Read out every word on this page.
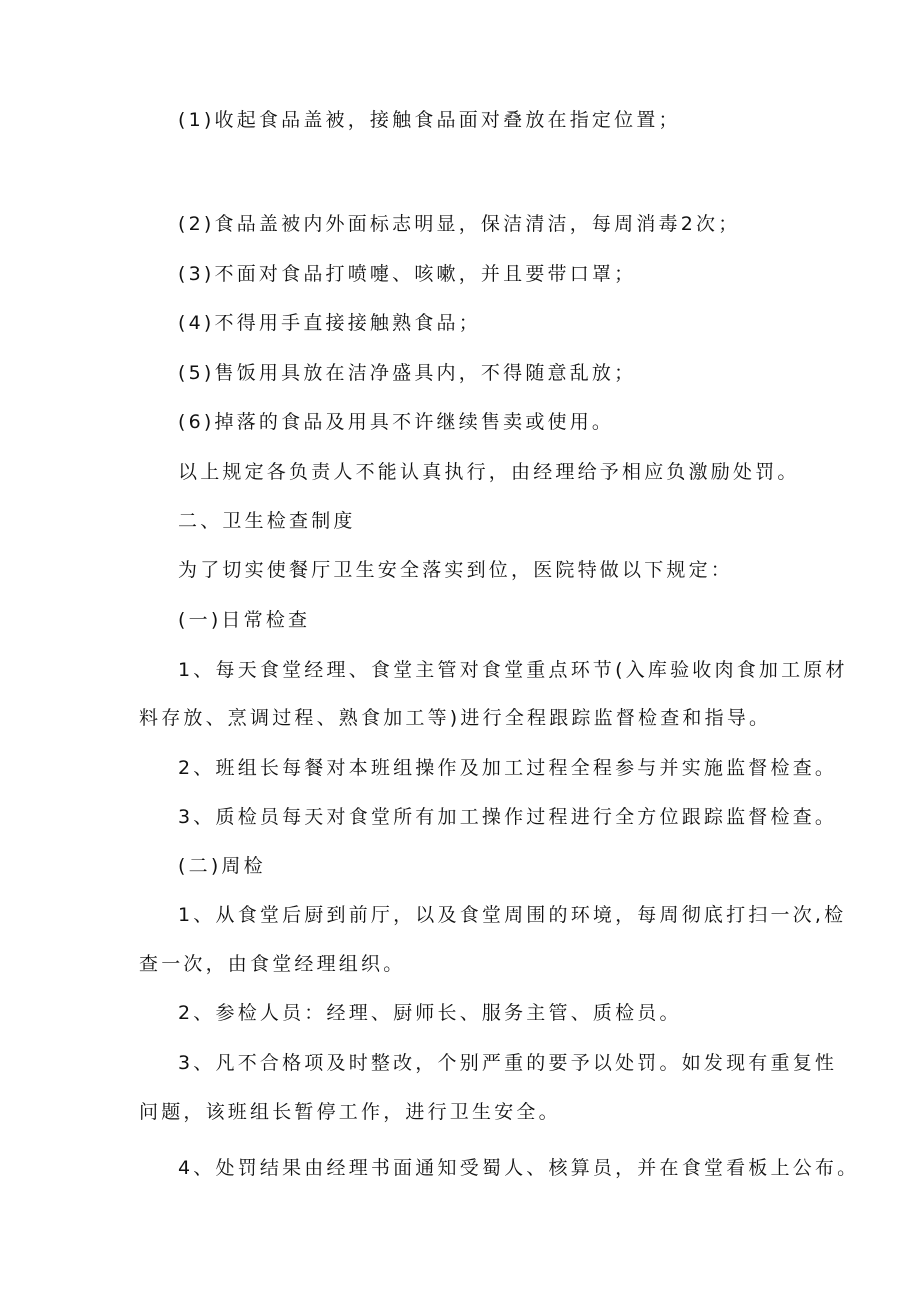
(1)收起食品盖被，接触食品面对叠放在指定位置；
(2)食品盖被内外面标志明显，保洁清洁，每周消毒2次；
(3)不面对食品打喷嚏、咳嗽，并且要带口罩；
(4)不得用手直接接触熟食品；
(5)售饭用具放在洁净盛具内，不得随意乱放；
(6)掉落的食品及用具不许继续售卖或使用。
以上规定各负责人不能认真执行，由经理给予相应负激励处罚。
二、卫生检查制度
为了切实使餐厅卫生安全落实到位，医院特做以下规定：
(一)日常检查
1、每天食堂经理、食堂主管对食堂重点环节(入库验收肉食加工原材
料存放、烹调过程、熟食加工等)进行全程跟踪监督检查和指导。
2、班组长每餐对本班组操作及加工过程全程参与并实施监督检查。
3、质检员每天对食堂所有加工操作过程进行全方位跟踪监督检查。
(二)周检
1、从食堂后厨到前厅，以及食堂周围的环境，每周彻底打扫一次,检
查一次，由食堂经理组织。
2、参检人员：经理、厨师长、服务主管、质检员。
3、凡不合格项及时整改，个别严重的要予以处罚。如发现有重复性
问题，该班组长暂停工作，进行卫生安全。
4、处罚结果由经理书面通知受蜀人、核算员，并在食堂看板上公布。
